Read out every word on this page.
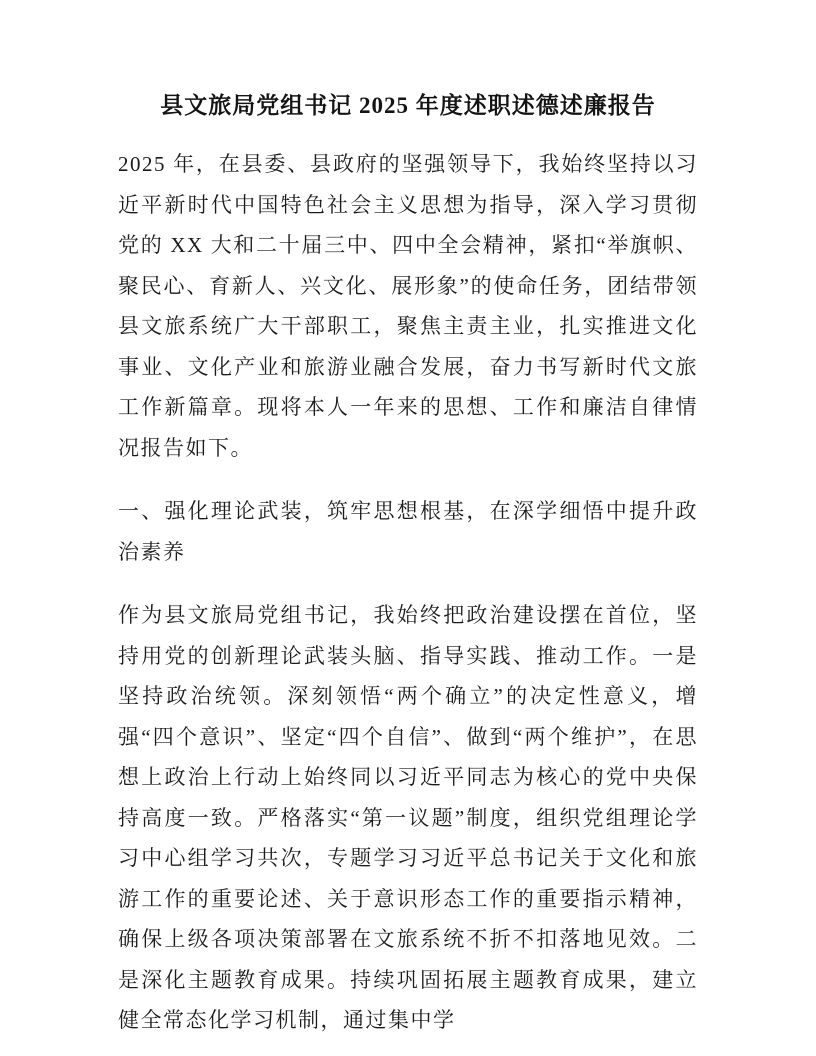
县文旅局党组书记 2025 年度述职述德述廉报告

2025 年，在县委、县政府的坚强领导下，我始终坚持以习近平新时代中国特色社会主义思想为指导，深入学习贯彻党的 XX 大和二十届三中、四中全会精神，紧扣“举旗帜、聚民心、育新人、兴文化、展形象”的使命任务，团结带领县文旅系统广大干部职工，聚焦主责主业，扎实推进文化事业、文化产业和旅游业融合发展，奋力书写新时代文旅工作新篇章。现将本人一年来的思想、工作和廉洁自律情况报告如下。

一、强化理论武装，筑牢思想根基，在深学细悟中提升政治素养

作为县文旅局党组书记，我始终把政治建设摆在首位，坚持用党的创新理论武装头脑、指导实践、推动工作。一是坚持政治统领。深刻领悟“两个确立”的决定性意义，增强“四个意识”、坚定“四个自信”、做到“两个维护”，在思想上政治上行动上始终同以习近平同志为核心的党中央保持高度一致。严格落实“第一议题”制度，组织党组理论学习中心组学习共次，专题学习习近平总书记关于文化和旅游工作的重要论述、关于意识形态工作的重要指示精神，确保上级各项决策部署在文旅系统不折不扣落地见效。二是深化主题教育成果。持续巩固拓展主题教育成果，建立健全常态化学习机制，通过集中学
